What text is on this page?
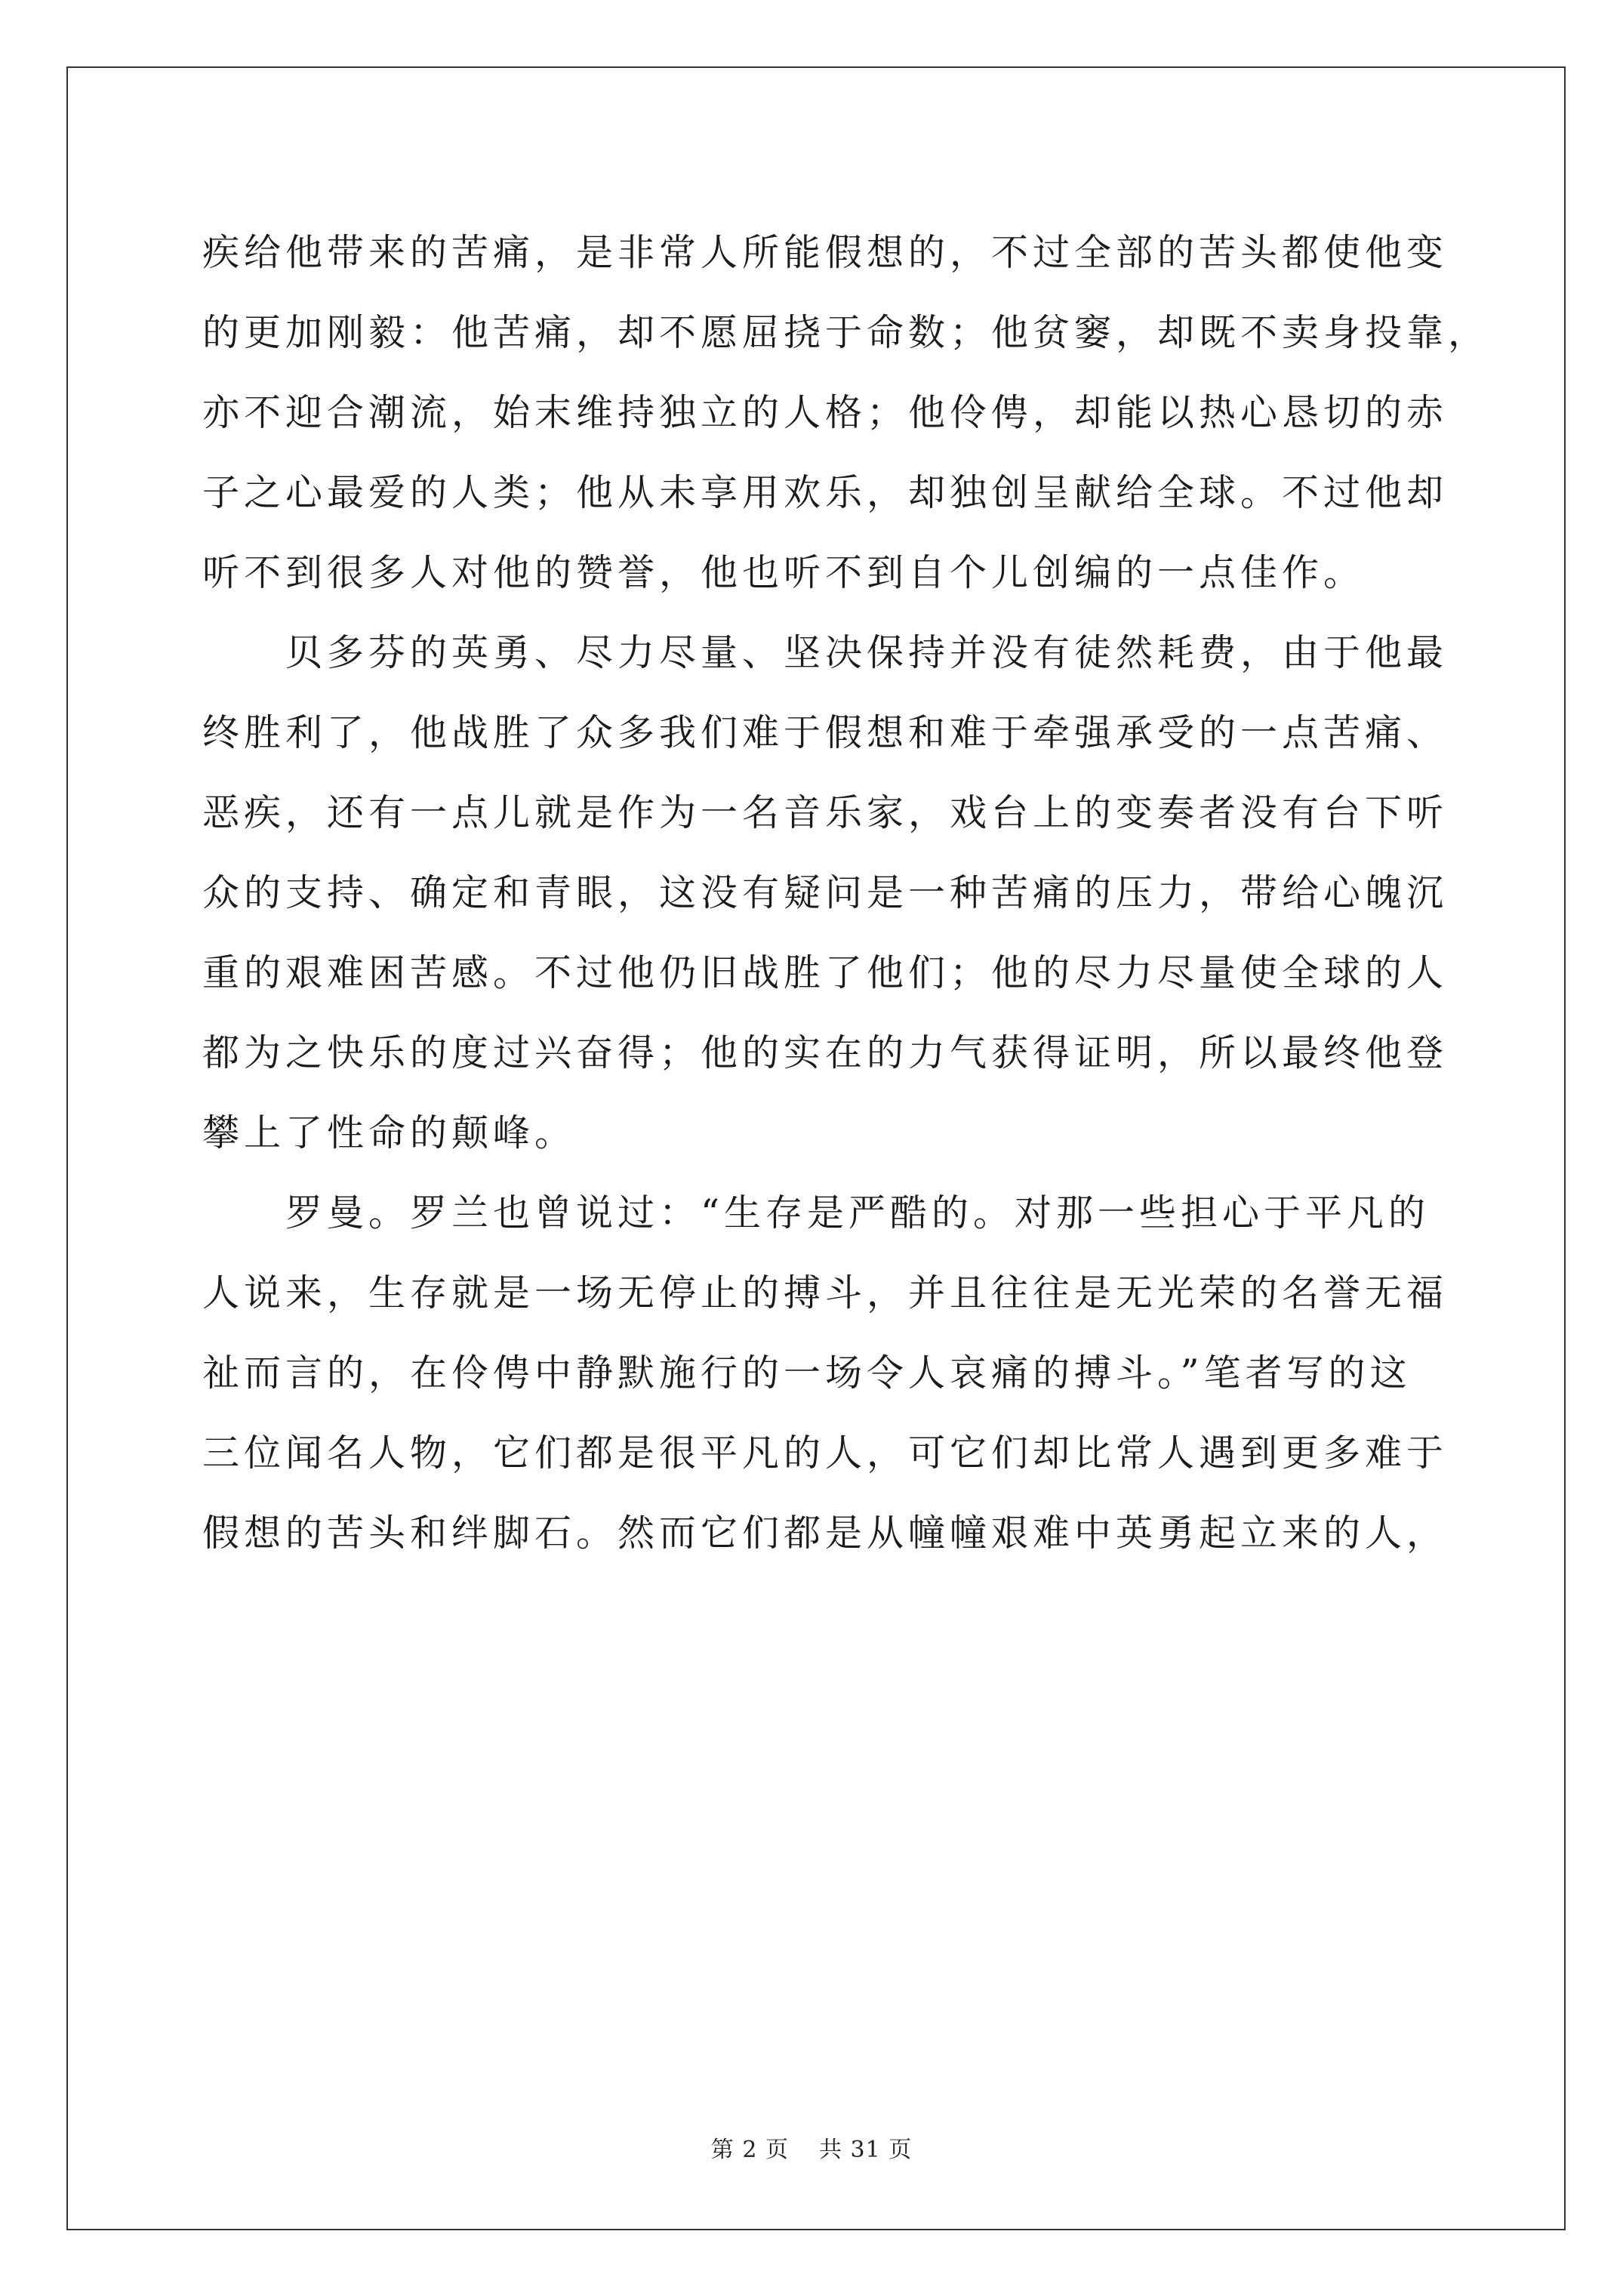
疾给他带来的苦痛，是非常人所能假想的，不过全部的苦头都使他变
的更加刚毅：他苦痛，却不愿屈挠于命数；他贫窭，却既不卖身投靠，
亦不迎合潮流，始末维持独立的人格；他伶俜，却能以热心恳切的赤
子之心最爱的人类；他从未享用欢乐，却独创呈献给全球。不过他却
听不到很多人对他的赞誉，他也听不到自个儿创编的一点佳作。
贝多芬的英勇、尽力尽量、坚决保持并没有徒然耗费，由于他最
终胜利了，他战胜了众多我们难于假想和难于牵强承受的一点苦痛、
恶疾，还有一点儿就是作为一名音乐家，戏台上的变奏者没有台下听
众的支持、确定和青眼，这没有疑问是一种苦痛的压力，带给心魄沉
重的艰难困苦感。不过他仍旧战胜了他们；他的尽力尽量使全球的人
都为之快乐的度过兴奋得；他的实在的力气获得证明，所以最终他登
攀上了性命的颠峰。
罗曼。罗兰也曾说过：“生存是严酷的。对那一些担心于平凡的
人说来，生存就是一场无停止的搏斗，并且往往是无光荣的名誉无福
祉而言的，在伶俜中静默施行的一场令人哀痛的搏斗。”笔者写的这
三位闻名人物，它们都是很平凡的人，可它们却比常人遇到更多难于
假想的苦头和绊脚石。然而它们都是从幢幢艰难中英勇起立来的人，
第 2 页 共 31 页
